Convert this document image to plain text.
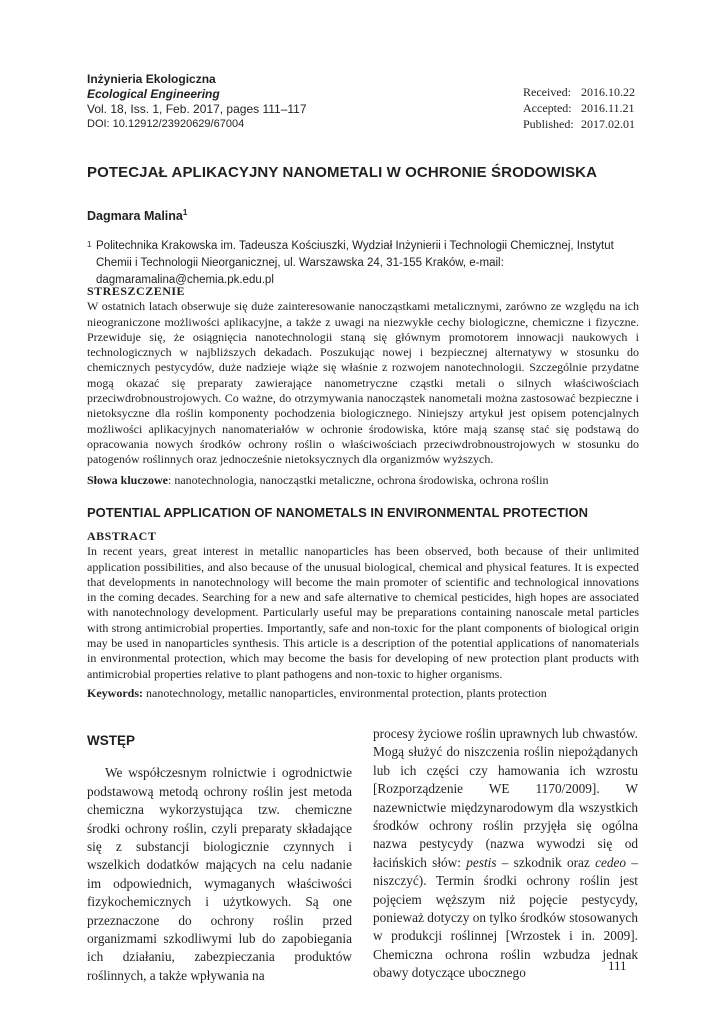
Inżynieria Ekologiczna
Ecological Engineering
Vol. 18, Iss. 1, Feb. 2017, pages 111–117
DOI: 10.12912/23920629/67004
Received: 2016.10.22
Accepted: 2016.11.21
Published: 2017.02.01
POTECJAŁ APLIKACYJNY NANOMETALI W OCHRONIE ŚRODOWISKA
Dagmara Malina$^1$
1 Politechnika Krakowska im. Tadeusza Kościuszki, Wydział Inżynierii i Technologii Chemicznej, Instytut Chemii i Technologii Nieorganicznej, ul. Warszawska 24, 31-155 Kraków, e-mail: dagmaramalina@chemia.pk.edu.pl
STRESZCZENIE
W ostatnich latach obserwuje się duże zainteresowanie nanocząstkami metalicznymi, zarówno ze względu na ich nieograniczone możliwości aplikacyjne, a także z uwagi na niezwykłe cechy biologiczne, chemiczne i fizyczne. Przewiduje się, że osiągnięcia nanotechnologii staną się głównym promotorem innowacji naukowych i technologicznych w najbliższych dekadach. Poszukując nowej i bezpiecznej alternatywy w stosunku do chemicznych pestycydów, duże nadzieje wiąże się właśnie z rozwojem nanotechnologii. Szczególnie przydatne mogą okazać się preparaty zawierające nanometryczne cząstki metali o silnych właściwościach przeciwdrobnoustrojowych. Co ważne, do otrzymywania nanocząstek nanometali można zastosować bezpieczne i nietoksyczne dla roślin komponenty pochodzenia biologicznego. Niniejszy artykuł jest opisem potencjalnych możliwości aplikacyjnych nanomateriałów w ochronie środowiska, które mają szansę stać się podstawą do opracowania nowych środków ochrony roślin o właściwościach przeciwdrobnoustrojowych w stosunku do patogenów roślinnych oraz jednocześnie nietoksycznych dla organizmów wyższych.
Słowa kluczowe: nanotechnologia, nanocząstki metaliczne, ochrona środowiska, ochrona roślin
POTENTIAL APPLICATION OF NANOMETALS IN ENVIRONMENTAL PROTECTION
ABSTRACT
In recent years, great interest in metallic nanoparticles has been observed, both because of their unlimited application possibilities, and also because of the unusual biological, chemical and physical features. It is expected that developments in nanotechnology will become the main promoter of scientific and technological innovations in the coming decades. Searching for a new and safe alternative to chemical pesticides, high hopes are associated with nanotechnology development. Particularly useful may be preparations containing nanoscale metal particles with strong antimicrobial properties. Importantly, safe and non-toxic for the plant components of biological origin may be used in nanoparticles synthesis. This article is a description of the potential applications of nanomaterials in environmental protection, which may become the basis for developing of new protection plant products with antimicrobial properties relative to plant pathogens and non-toxic to higher organisms.
Keywords: nanotechnology, metallic nanoparticles, environmental protection, plants protection
WSTĘP

We współczesnym rolnictwie i ogrodnictwie podstawową metodą ochrony roślin jest metoda chemiczna wykorzystująca tzw. chemiczne środki ochrony roślin, czyli preparaty składające się z substancji biologicznie czynnych i wszelkich dodatków mających na celu nadanie im odpowiednich, wymaganych właściwości fizykochemicznych i użytkowych. Są one przeznaczone do ochrony roślin przed organizmami szkodliwymi lub do zapobiegania ich działaniu, zabezpieczania produktów roślinnych, a także wpływania na

procesy życiowe roślin uprawnych lub chwastów. Mogą służyć do niszczenia roślin niepożądanych lub ich części czy hamowania ich wzrostu [Rozporządzenie WE 1170/2009]. W nazewnictwie międzynarodowym dla wszystkich środków ochrony roślin przyjęła się ogólna nazwa pestycydy (nazwa wywodzi się od łacińskich słów: pestis – szkodnik oraz cedeo – niszczyć). Termin środki ochrony roślin jest pojęciem węższym niż pojęcie pestycydy, ponieważ dotyczy on tylko środków stosowanych w produkcji roślinnej [Wrzostek i in. 2009]. Chemiczna ochrona roślin wzbudza jednak obawy dotyczące ubocznego	111
